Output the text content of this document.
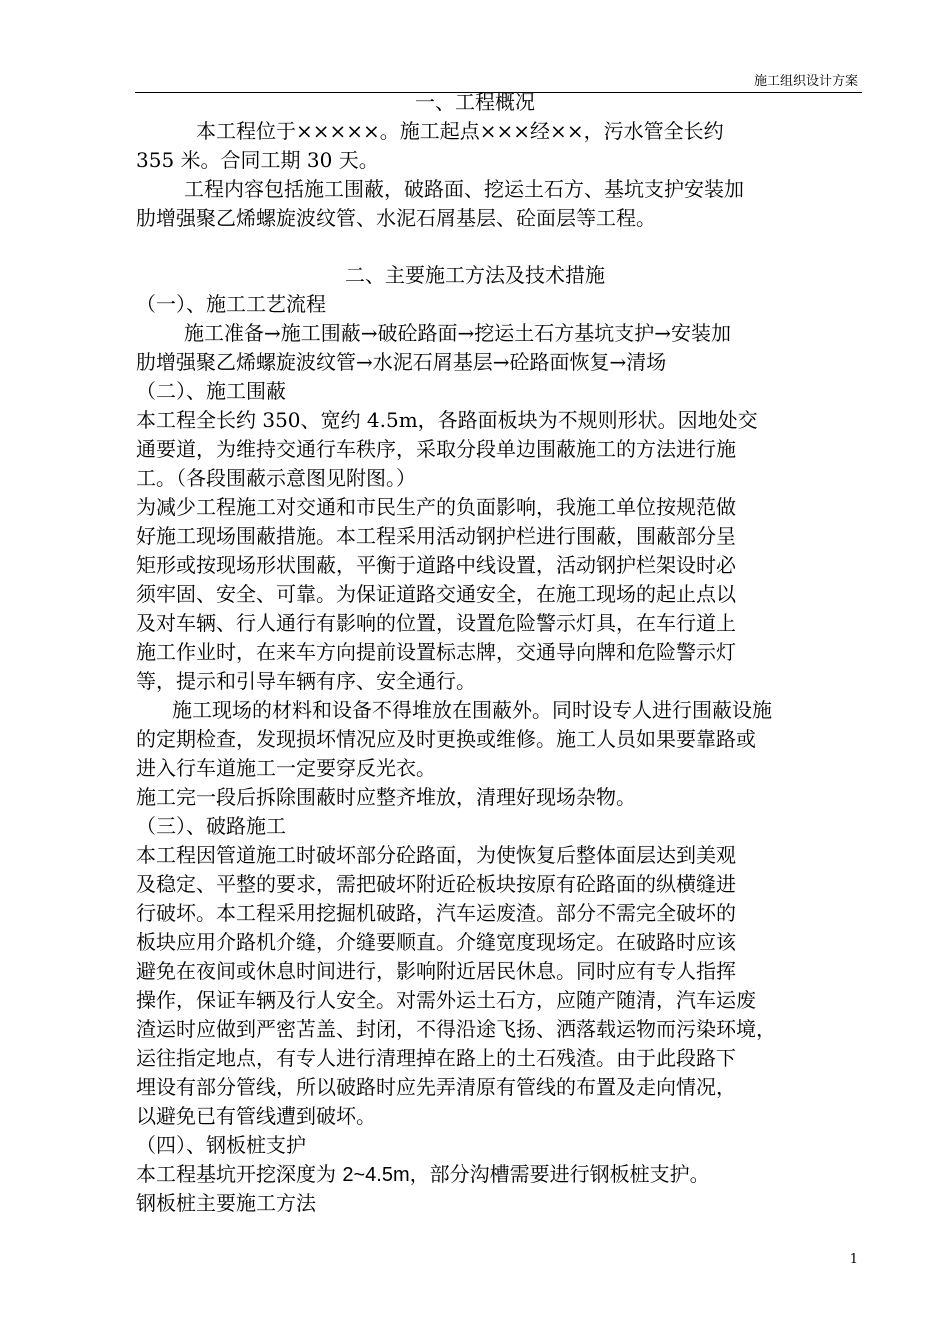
施工组织设计方案
一、工程概况
本工程位于×××××。施工起点×××经××，污水管全长约
355 米。合同工期 30 天。
工程内容包括施工围蔽，破路面、挖运土石方、基坑支护安装加
肋增强聚乙烯螺旋波纹管、水泥石屑基层、砼面层等工程。
二、主要施工方法及技术措施
（一）、施工工艺流程
施工准备→施工围蔽→破砼路面→挖运土石方基坑支护→安装加
肋增强聚乙烯螺旋波纹管→水泥石屑基层→砼路面恢复→清场
（二）、施工围蔽
本工程全长约 350、宽约 4.5m，各路面板块为不规则形状。因地处交
通要道，为维持交通行车秩序，采取分段单边围蔽施工的方法进行施
工。（各段围蔽示意图见附图。）
为减少工程施工对交通和市民生产的负面影响，我施工单位按规范做
好施工现场围蔽措施。本工程采用活动钢护栏进行围蔽，围蔽部分呈
矩形或按现场形状围蔽，平衡于道路中线设置，活动钢护栏架设时必
须牢固、安全、可靠。为保证道路交通安全，在施工现场的起止点以
及对车辆、行人通行有影响的位置，设置危险警示灯具，在车行道上
施工作业时，在来车方向提前设置标志牌，交通导向牌和危险警示灯
等，提示和引导车辆有序、安全通行。
施工现场的材料和设备不得堆放在围蔽外。同时设专人进行围蔽设施
的定期检查，发现损坏情况应及时更换或维修。施工人员如果要靠路或
进入行车道施工一定要穿反光衣。
施工完一段后拆除围蔽时应整齐堆放，清理好现场杂物。
（三）、破路施工
本工程因管道施工时破坏部分砼路面，为使恢复后整体面层达到美观
及稳定、平整的要求，需把破坏附近砼板块按原有砼路面的纵横缝进
行破坏。本工程采用挖掘机破路，汽车运废渣。部分不需完全破坏的
板块应用介路机介缝，介缝要顺直。介缝宽度现场定。在破路时应该
避免在夜间或休息时间进行，影响附近居民休息。同时应有专人指挥
操作，保证车辆及行人安全。对需外运土石方，应随产随清，汽车运废
渣运时应做到严密苫盖、封闭，不得沿途飞扬、洒落载运物而污染环境，
运往指定地点，有专人进行清理掉在路上的土石残渣。由于此段路下
埋设有部分管线，所以破路时应先弄清原有管线的布置及走向情况，
以避免已有管线遭到破坏。
（四）、钢板桩支护
本工程基坑开挖深度为 2~4.5m，部分沟槽需要进行钢板桩支护。
钢板桩主要施工方法
1
